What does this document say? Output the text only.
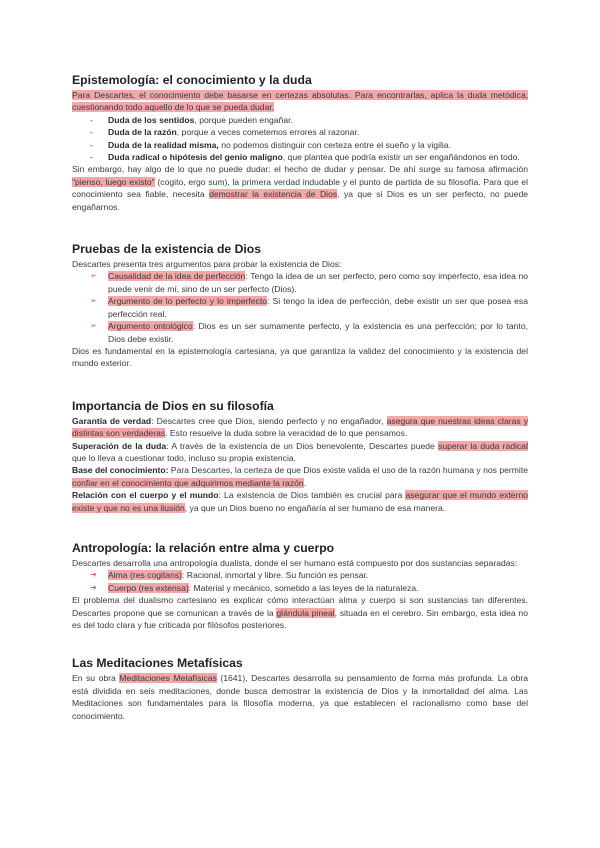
Epistemología: el conocimiento y la duda

Para Descartes, el conocimiento debe basarse en certezas absolutas. Para encontrarlas, aplica la duda metódica, cuestionando todo aquello de lo que se pueda dudar.

- Duda de los sentidos, porque pueden engañar.
- Duda de la razón, porque a veces cometemos errores al razonar.
- Duda de la realidad misma, no podemos distinguir con certeza entre el sueño y la vigilia.
- Duda radical o hipótesis del genio maligno, que plantea que podría existir un ser engañándonos en todo.

Sin embargo, hay algo de lo que no puede dudar: el hecho de dudar y pensar. De ahí surge su famosa afirmación "pienso, luego existo" (cogito, ergo sum), la primera verdad indudable y el punto de partida de su filosofía. Para que el conocimiento sea fiable, necesita demostrar la existencia de Dios, ya que si Dios es un ser perfecto, no puede engañarnos.

Pruebas de la existencia de Dios

Descartes presenta tres argumentos para probar la existencia de Dios:

➢ Causalidad de la idea de perfección: Tengo la idea de un ser perfecto, pero como soy imperfecto, esa idea no puede venir de mí, sino de un ser perfecto (Dios).
➢ Argumento de lo perfecto y lo imperfecto: Si tengo la idea de perfección, debe existir un ser que posea esa perfección real.
➢ Argumento ontológico: Dios es un ser sumamente perfecto, y la existencia es una perfección; por lo tanto, Dios debe existir.

Dios es fundamental en la epistemología cartesiana, ya que garantiza la validez del conocimiento y la existencia del mundo exterior.

Importancia de Dios en su filosofía

Garantía de verdad: Descartes cree que Dios, siendo perfecto y no engañador, asegura que nuestras ideas claras y distintas son verdaderas. Esto resuelve la duda sobre la veracidad de lo que pensamos.

Superación de la duda: A través de la existencia de un Dios benevolente, Descartes puede superar la duda radical que lo lleva a cuestionar todo, incluso su propia existencia.

Base del conocimiento: Para Descartes, la certeza de que Dios existe valida el uso de la razón humana y nos permite confiar en el conocimiento que adquirimos mediante la razón.

Relación con el cuerpo y el mundo: La existencia de Dios también es crucial para asegurar que el mundo externo existe y que no es una ilusión, ya que un Dios bueno no engañaría al ser humano de esa manera.

Antropología: la relación entre alma y cuerpo

Descartes desarrolla una antropología dualista, donde el ser humano está compuesto por dos sustancias separadas:

➔ Alma (res cogitans): Racional, inmortal y libre. Su función es pensar.
➔ Cuerpo (res extensa): Material y mecánico, sometido a las leyes de la naturaleza.

El problema del dualismo cartesiano es explicar cómo interactúan alma y cuerpo si son sustancias tan diferentes. Descartes propone que se comunican a través de la glándula pineal, situada en el cerebro. Sin embargo, esta idea no es del todo clara y fue criticada por filósofos posteriores.

Las Meditaciones Metafísicas

En su obra Meditaciones Metafísicas (1641), Descartes desarrolla su pensamiento de forma más profunda. La obra está dividida en seis meditaciones, donde busca demostrar la existencia de Dios y la inmortalidad del alma. Las Meditaciones son fundamentales para la filosofía moderna, ya que establecen el racionalismo como base del conocimiento.
